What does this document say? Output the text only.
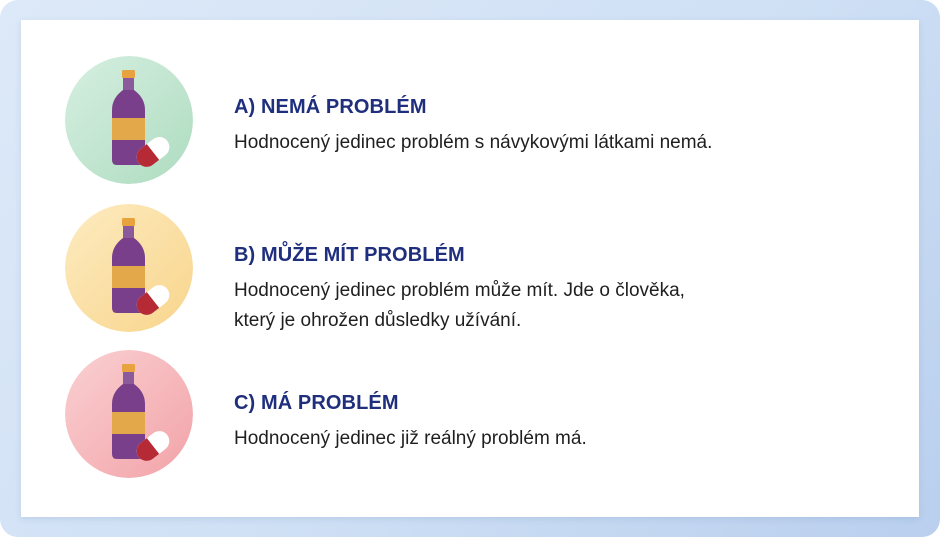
A) NEMÁ PROBLÉM

Hodnocený jedinec problém s návykovými látkami nemá.

B) MŮŽE MÍT PROBLÉM

Hodnocený jedinec problém může mít. Jde o člověka,
který je ohrožen důsledky užívání.

C) MÁ PROBLÉM

Hodnocený jedinec již reálný problém má.
